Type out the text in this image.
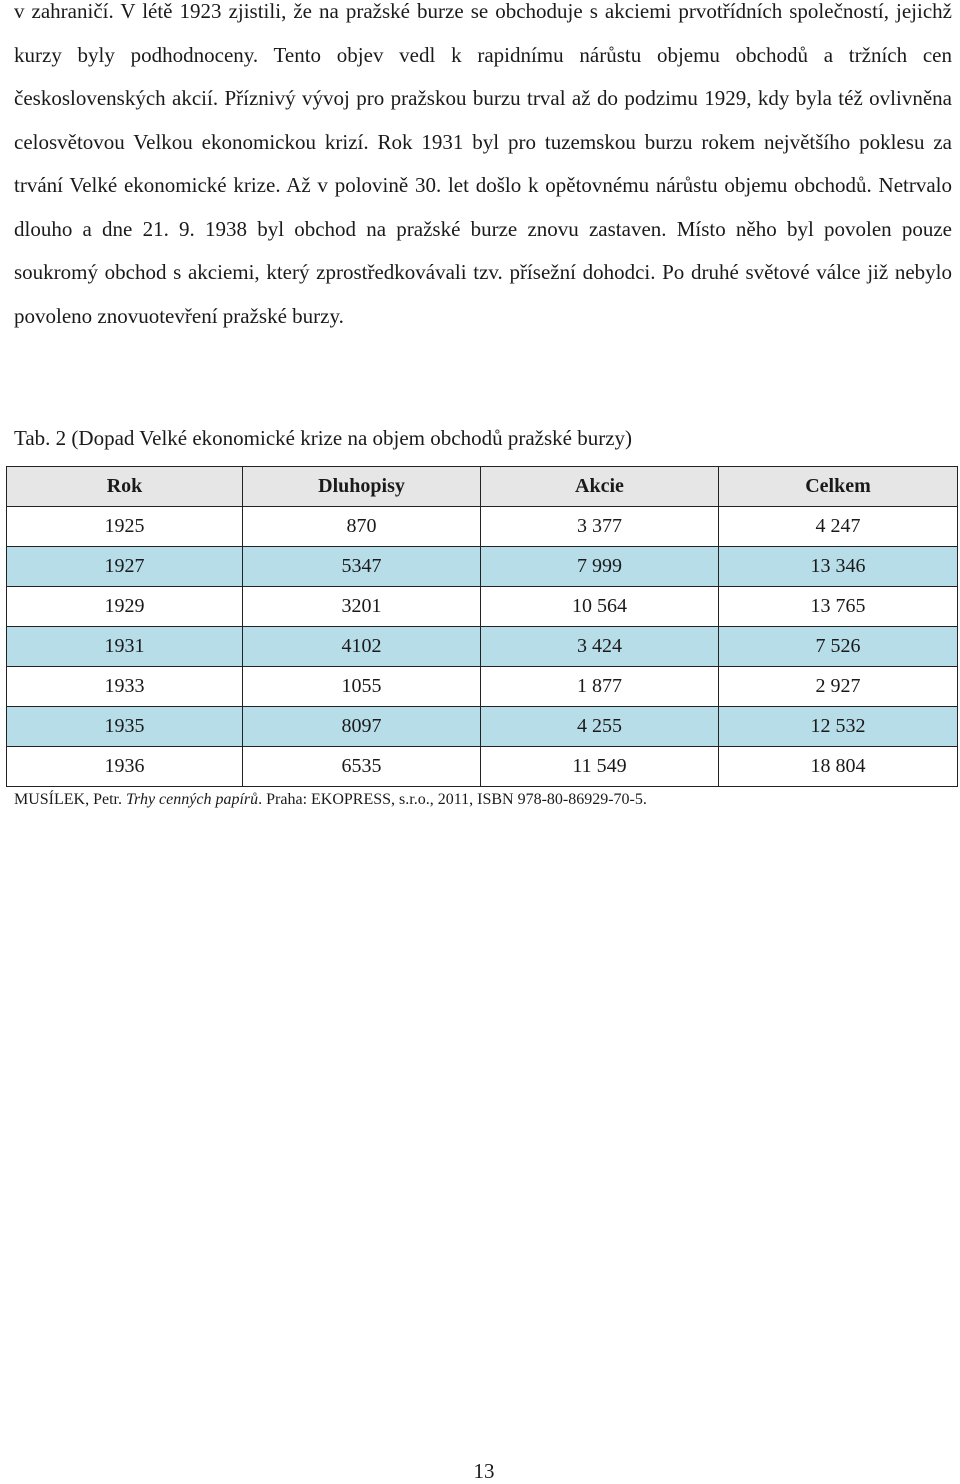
v zahraničí. V létě 1923 zjistili, že na pražské burze se obchoduje s akciemi prvotřídních společností, jejichž kurzy byly podhodnoceny. Tento objev vedl k rapidnímu nárůstu objemu obchodů a tržních cen československých akcií. Příznivý vývoj pro pražskou burzu trval až do podzimu 1929, kdy byla též ovlivněna celosvětovou Velkou ekonomickou krizí. Rok 1931 byl pro tuzemskou burzu rokem největšího poklesu za trvání Velké ekonomické krize. Až v polovině 30. let došlo k opětovnému nárůstu objemu obchodů. Netrvalo dlouho a dne 21. 9. 1938 byl obchod na pražské burze znovu zastaven. Místo něho byl povolen pouze soukromý obchod s akciemi, který zprostředkovávali tzv. přísežní dohodci. Po druhé světové válce již nebylo povoleno znovuotevření pražské burzy.

Tab. 2 (Dopad Velké ekonomické krize na objem obchodů pražské burzy)

Rok	Dluhopisy	Akcie	Celkem
1925	870	3 377	4 247
1927	5347	7 999	13 346
1929	3201	10 564	13 765
1931	4102	3 424	7 526
1933	1055	1 877	2 927
1935	8097	4 255	12 532
1936	6535	11 549	18 804

MUSÍLEK, Petr. Trhy cenných papírů. Praha: EKOPRESS, s.r.o., 2011, ISBN 978-80-86929-70-5.

13
